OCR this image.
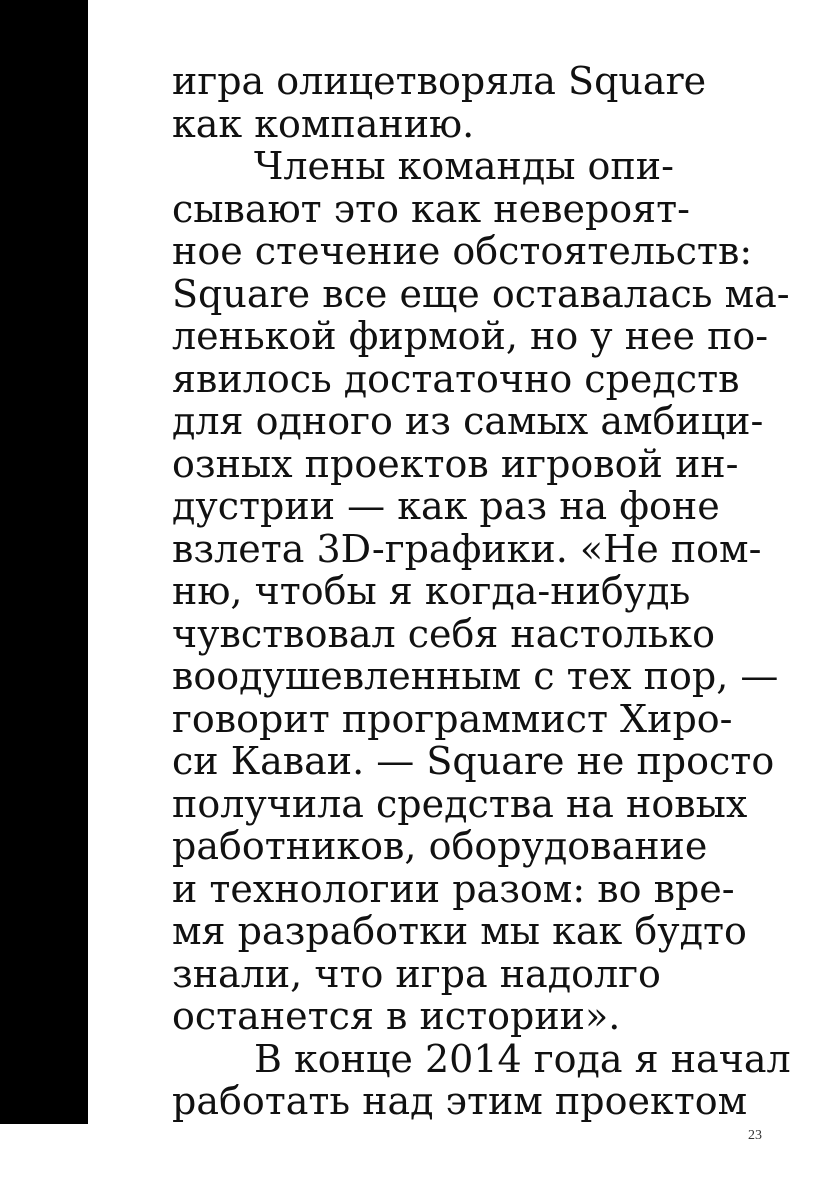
игра олицетворяла Square
как компанию.
Члены команды опи-
сывают это как невероят-
ное стечение обстоятельств:
Square все еще оставалась ма-
ленькой фирмой, но у нее по-
явилось достаточно средств
для одного из самых амбици-
озных проектов игровой ин-
дустрии — как раз на фоне
взлета 3D-графики. «Не пом-
ню, чтобы я когда-нибудь
чувствовал себя настолько
воодушевленным с тех пор, —
говорит программист Хиро-
си Каваи. — Square не просто
получила средства на новых
работников, оборудование
и технологии разом: во вре-
мя разработки мы как будто
знали, что игра надолго
останется в истории».
В конце 2014 года я начал
работать над этим проектом
23
